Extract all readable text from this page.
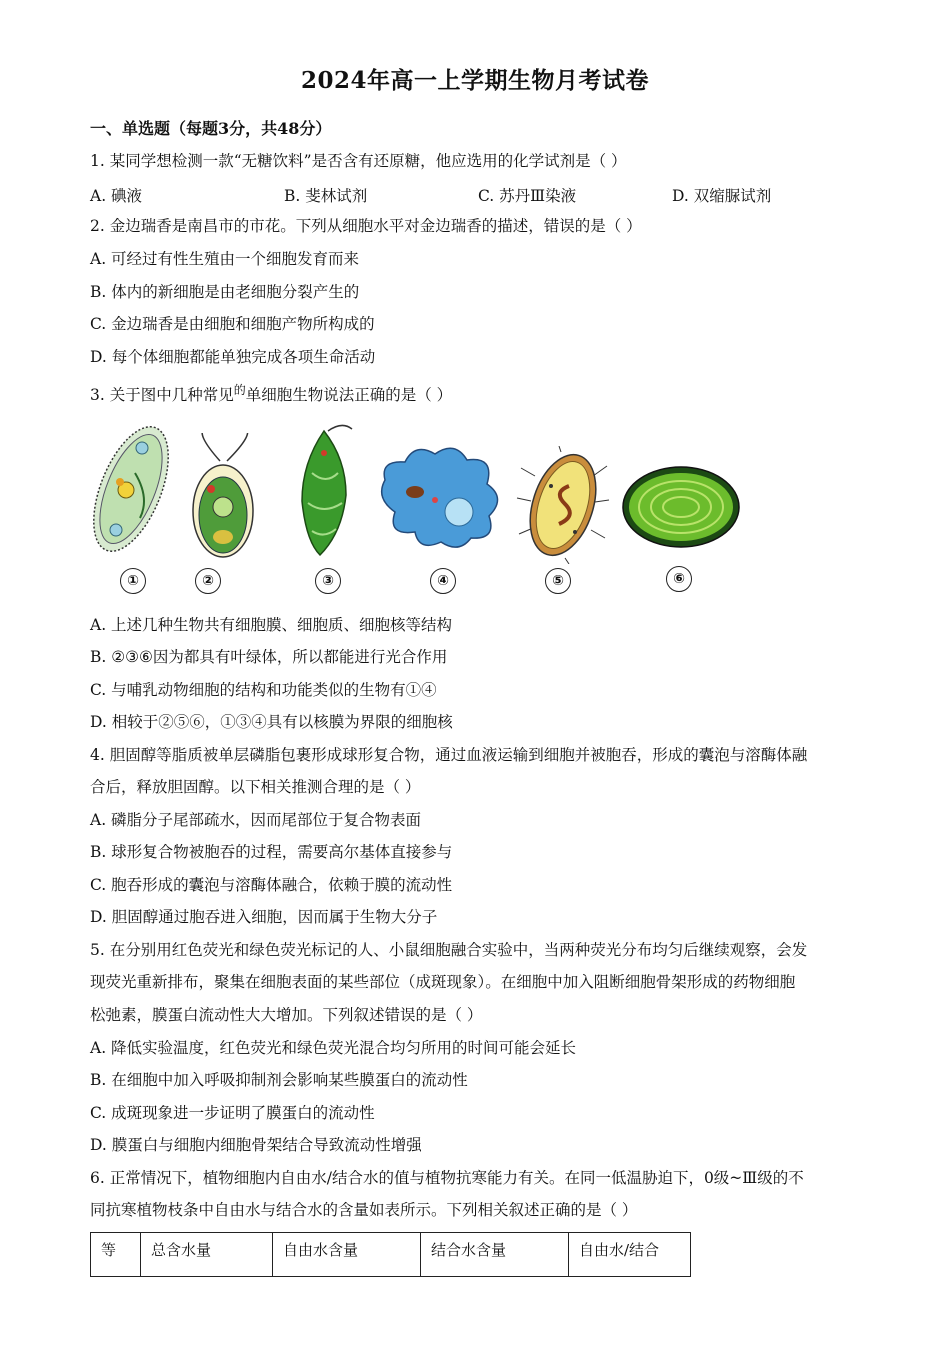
2024年高一上学期生物月考试卷
一、单选题（每题3分，共48分）
1. 某同学想检测一款“无糖饮料”是否含有还原糖，他应选用的化学试剂是（ ）
A. 碘液	B. 斐林试剂	C. 苏丹Ⅲ染液	D. 双缩脲试剂
2. 金边瑞香是南昌市的市花。下列从细胞水平对金边瑞香的描述，错误的是（ ）
A. 可经过有性生殖由一个细胞发育而来
B. 体内的新细胞是由老细胞分裂产生的
C. 金边瑞香是由细胞和细胞产物所构成的
D. 每个体细胞都能单独完成各项生命活动
3. 关于图中几种常见$^的$单细胞生物说法正确的是（ ）
①	②	③	④	⑤	⑥
A. 上述几种生物共有细胞膜、细胞质、细胞核等结构
B. ②③⑥因为都具有叶绿体，所以都能进行光合作用
C. 与哺乳动物细胞的结构和功能类似的生物有①④
D. 相较于②⑤⑥，①③④具有以核膜为界限的细胞核
4. 胆固醇等脂质被单层磷脂包裹形成球形复合物，通过血液运输到细胞并被胞吞，形成的囊泡与溶酶体融
合后，释放胆固醇。以下相关推测合理的是（ ）
A. 磷脂分子尾部疏水，因而尾部位于复合物表面
B. 球形复合物被胞吞的过程，需要高尔基体直接参与
C. 胞吞形成的囊泡与溶酶体融合，依赖于膜的流动性
D. 胆固醇通过胞吞进入细胞，因而属于生物大分子
5. 在分别用红色荧光和绿色荧光标记的人、小鼠细胞融合实验中，当两种荧光分布均匀后继续观察，会发
现荧光重新排布，聚集在细胞表面的某些部位（成斑现象）。在细胞中加入阻断细胞骨架形成的药物细胞
松弛素，膜蛋白流动性大大增加。下列叙述错误的是（ ）
A. 降低实验温度，红色荧光和绿色荧光混合均匀所用的时间可能会延长
B. 在细胞中加入呼吸抑制剂会影响某些膜蛋白的流动性
C. 成斑现象进一步证明了膜蛋白的流动性
D. 膜蛋白与细胞内细胞骨架结合导致流动性增强
6. 正常情况下，植物细胞内自由水/结合水的值与植物抗寒能力有关。在同一低温胁迫下，0级~Ⅲ级的不
同抗寒植物枝条中自由水与结合水的含量如表所示。下列相关叙述正确的是（ ）
等	总含水量	自由水含量	结合水含量	自由水/结合
